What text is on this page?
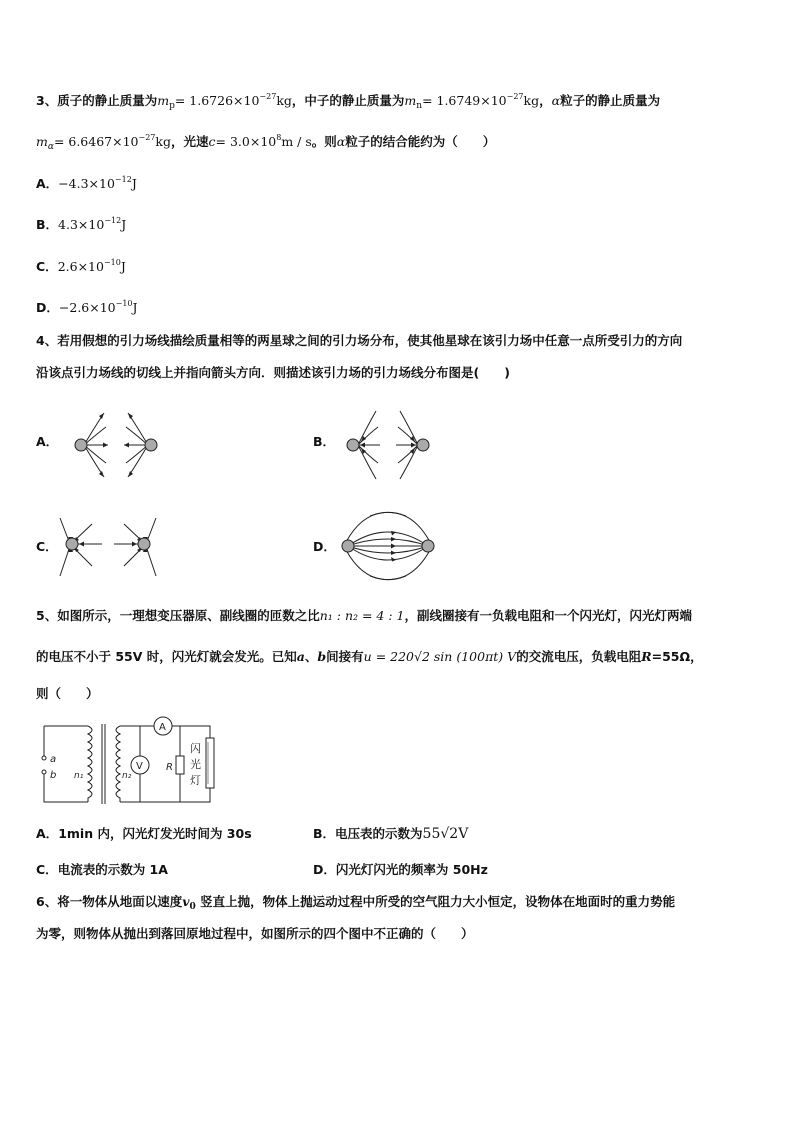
3、质子的静止质量为$m_p= 1.6726\times 10^{-27}kg$，中子的静止质量为$m_n= 1.6749\times 10^{-27}kg$，α粒子的静止质量为
$m_\alpha= 6.6467\times 10^{-27}kg$，光速$c= 3.0\times 10^8m / s$。则α粒子的结合能约为（　　）
A．$-4.3\times 10^{-12}J$
B．$4.3\times 10^{-12}J$
C．$2.6\times 10^{-10}J$
D．$-2.6\times 10^{-10}J$
4、若用假想的引力场线描绘质量相等的两星球之间的引力场分布，使其他星球在该引力场中任意一点所受引力的方向
沿该点引力场线的切线上并指向箭头方向．则描述该引力场的引力场线分布图是(　　)
A．	B．
C．	D．
5、如图所示，一理想变压器原、副线圈的匝数之比n₁ : n₂ = 4 : 1，副线圈接有一负载电阻和一个闪光灯，闪光灯两端
的电压不小于 55V 时，闪光灯就会发光。已知a、b间接有u = 220√2 sin (100πt) V的交流电压，负载电阻R=55Ω，
则（　　）
a
b n₁	n₂
A
V R
闪
光
灯
A．1min 内，闪光灯发光时间为 30s	B．电压表的示数为55√2V
C．电流表的示数为 1A	D．闪光灯闪光的频率为 50Hz
6、将一物体从地面以速度$v_0$ 竖直上抛，物体上抛运动过程中所受的空气阻力大小恒定，设物体在地面时的重力势能
为零，则物体从抛出到落回原地过程中，如图所示的四个图中不正确的（　　）
